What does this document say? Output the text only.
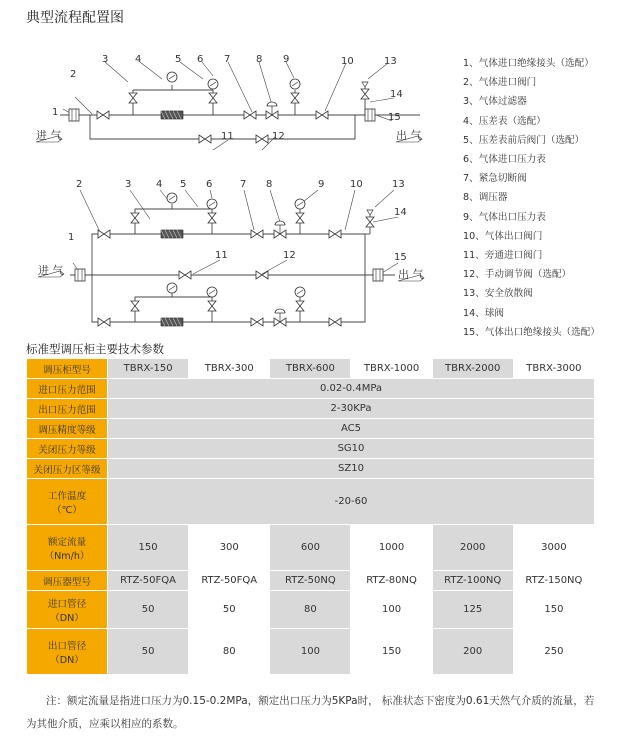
典型流程配置图
1
2
3	4	5 6 7	8 9
11	12
10	13
14
15
进 气	出 气
1
2	3 4 5 6	7 8	9	10
11	12
13
14
15
进 气	出 气
1、气体进口绝缘接头（选配）
2、气体进口阀门
3、气体过滤器
4、压差表（选配）
5、压差表前后阀门（选配）
6、气体进口压力表
7、紧急切断阀
8、调压器
9、气体出口压力表
10、气体出口阀门
11、旁通进口阀门
12、手动调节阀（选配）
13、安全放散阀
14、球阀
15、气体出口绝缘接头（选配）
标准型调压柜主要技术参数
调压柜型号	TBRX-150	TBRX-300	TBRX-600	TBRX-1000	TBRX-2000	TBRX-3000
进口压力范围	0.02-0.4MPa					
出口压力范围	2-30KPa					
调压精度等级	AC5					
关闭压力等级	SG10					
关闭压力区等级	SZ10					
工作温度
（℃）	-20-60					
额定流量
（Nm/h）	150	300	600	1000	2000	3000
调压器型号	RTZ-50FQA	RTZ-50FQA	RTZ-50NQ	RTZ-80NQ	RTZ-100NQ	RTZ-150NQ
进口管径
（DN）	50	50	80	100	125	150
出口管径
（DN）	50	80	100	150	200	250
注：额定流量是指进口压力为0.15-0.2MPa，额定出口压力为5KPa时， 标准状态下密度为0.61天然气介质的流量，若为其他介质，应乘以相应的系数。
